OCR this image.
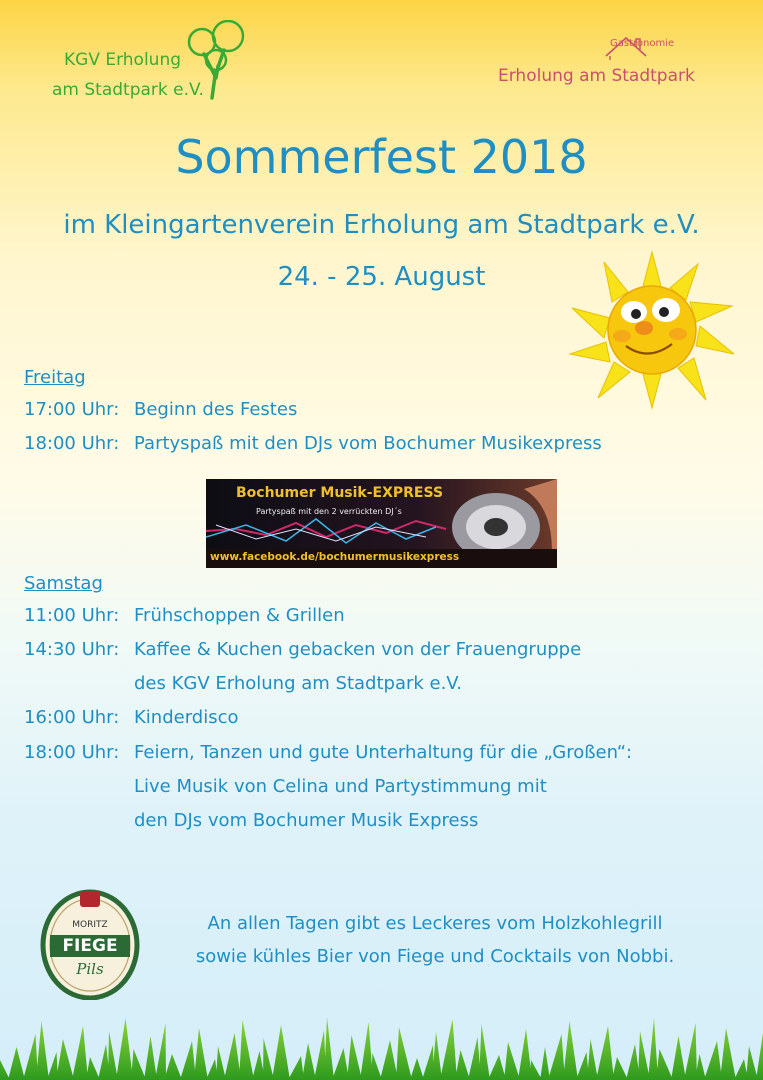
KGV Erholung
am Stadtpark e.V.
Gastronomie
Erholung am Stadtpark
Sommerfest 2018
im Kleingartenverein Erholung am Stadtpark e.V.
24. - 25. August
Freitag
17:00 Uhr: Beginn des Festes
18:00 Uhr: Partyspaß mit den DJs vom Bochumer Musikexpress
Bochumer Musik-EXPRESS
Partyspaß mit den 2 verrückten DJ´s
www.facebook.de/bochumermusikexpress
Samstag
11:00 Uhr: Frühschoppen & Grillen
14:30 Uhr: Kaffee & Kuchen gebacken von der Frauengruppe
des KGV Erholung am Stadtpark e.V.
16:00 Uhr: Kinderdisco
18:00 Uhr: Feiern, Tanzen und gute Unterhaltung für die „Großen“:
Live Musik von Celina und Partystimmung mit
den DJs vom Bochumer Musik Express
MORITZ
FIEGE
Pils
An allen Tagen gibt es Leckeres vom Holzkohlegrill
sowie kühles Bier von Fiege und Cocktails von Nobbi.
